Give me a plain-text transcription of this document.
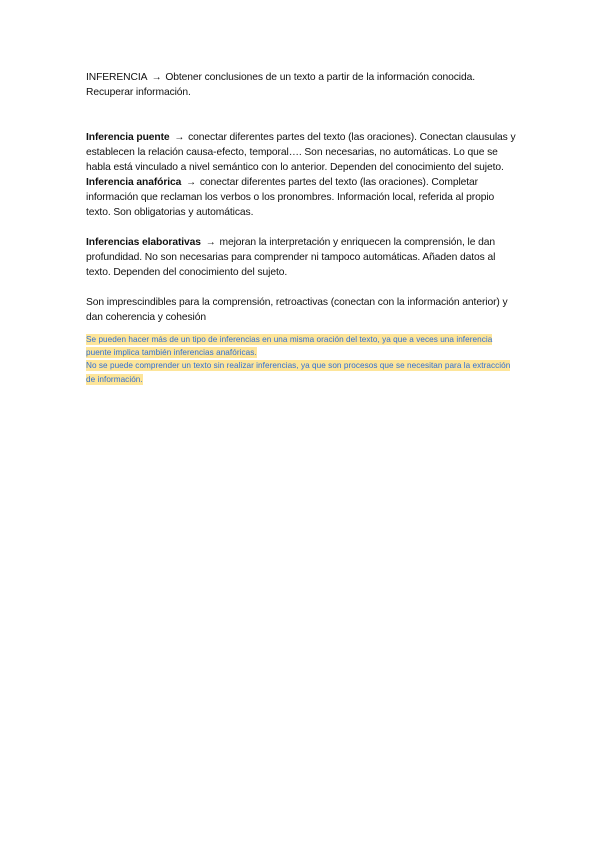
INFERENCIA → Obtener conclusiones de un texto a partir de la información conocida. Recuperar información.

Inferencia puente → conectar diferentes partes del texto (las oraciones). Conectan clausulas y establecen la relación causa-efecto, temporal…. Son necesarias, no automáticas. Lo que se habla está vinculado a nivel semántico con lo anterior. Dependen del conocimiento del sujeto.

Inferencia anafórica → conectar diferentes partes del texto (las oraciones). Completar información que reclaman los verbos o los pronombres. Información local, referida al propio texto. Son obligatorias y automáticas.

Inferencias elaborativas → mejoran la interpretación y enriquecen la comprensión, le dan profundidad. No son necesarias para comprender ni tampoco automáticas. Añaden datos al texto. Dependen del conocimiento del sujeto.

Son imprescindibles para la comprensión, retroactivas (conectan con la información anterior) y dan coherencia y cohesión

Se pueden hacer más de un tipo de inferencias en una misma oración del texto, ya que a veces una inferencia puente implica también inferencias anafóricas.
No se puede comprender un texto sin realizar inferencias, ya que son procesos que se necesitan para la extracción de información.
